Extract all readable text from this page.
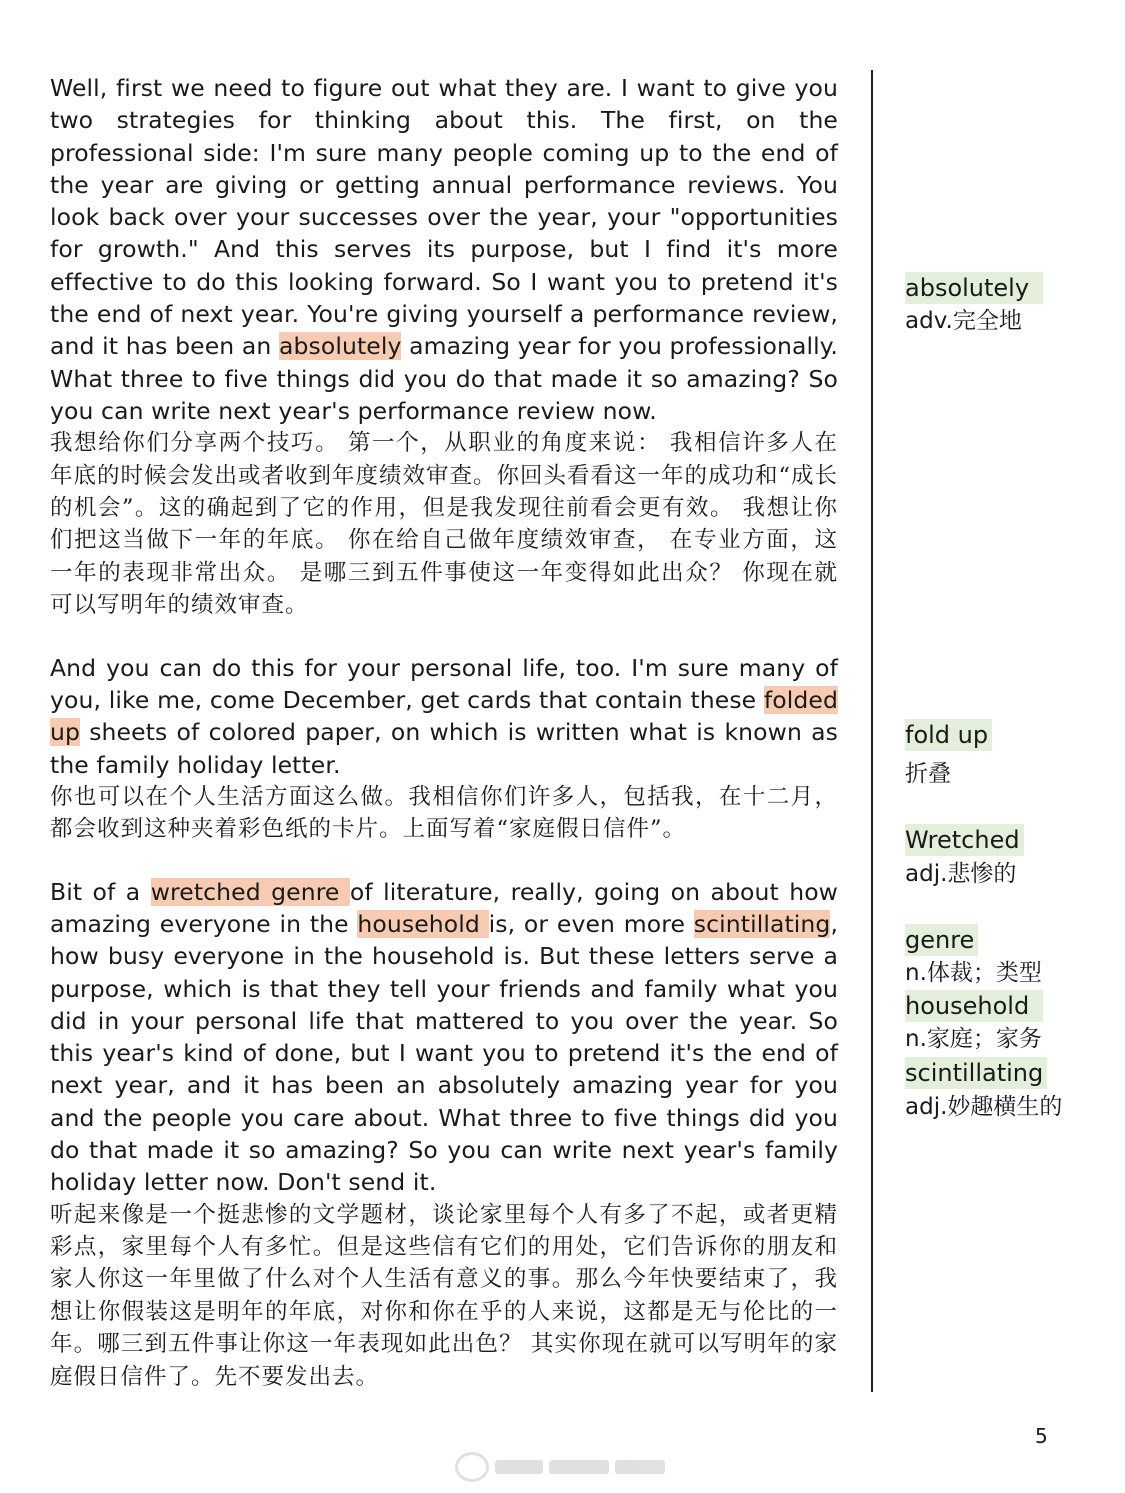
Well, first we need to figure out what they are. I want to give you two strategies for thinking about this. The first, on the professional side: I'm sure many people coming up to the end of the year are giving or getting annual performance reviews. You look back over your successes over the year, your "opportunities for growth." And this serves its purpose, but I find it's more effective to do this looking forward. So I want you to pretend it's the end of next year. You're giving yourself a performance review, and it has been an absolutely amazing year for you professionally. What three to five things did you do that made it so amazing? So you can write next year's performance review now.

我想给你们分享两个技巧。 第一个，从职业的角度来说： 我相信许多人在年底的时候会发出或者收到年度绩效审查。你回头看看这一年的成功和“成长的机会”。这的确起到了它的作用，但是我发现往前看会更有效。 我想让你们把这当做下一年的年底。 你在给自己做年度绩效审查， 在专业方面，这一年的表现非常出众。 是哪三到五件事使这一年变得如此出众？ 你现在就可以写明年的绩效审查。

And you can do this for your personal life, too. I'm sure many of you, like me, come December, get cards that contain these folded up sheets of colored paper, on which is written what is known as the family holiday letter.

你也可以在个人生活方面这么做。我相信你们许多人，包括我，在十二月， 都会收到这种夹着彩色纸的卡片。上面写着“家庭假日信件”。

Bit of a wretched genre of literature, really, going on about how amazing everyone in the household is, or even more scintillating, how busy everyone in the household is. But these letters serve a purpose, which is that they tell your friends and family what you did in your personal life that mattered to you over the year. So this year's kind of done, but I want you to pretend it's the end of next year, and it has been an absolutely amazing year for you and the people you care about. What three to five things did you do that made it so amazing? So you can write next year's family holiday letter now. Don't send it.

听起来像是一个挺悲惨的文学题材，谈论家里每个人有多了不起，或者更精彩点，家里每个人有多忙。但是这些信有它们的用处，它们告诉你的朋友和家人你这一年里做了什么对个人生活有意义的事。那么今年快要结束了，我想让你假装这是明年的年底，对你和你在乎的人来说，这都是无与伦比的一年。哪三到五件事让你这一年表现如此出色？ 其实你现在就可以写明年的家庭假日信件了。先不要发出去。

absolutely
adv.完全地
fold up
折叠
Wretched
adj.悲惨的
genre
n.体裁；类型
household
n.家庭；家务
scintillating
adj.妙趣横生的
5
